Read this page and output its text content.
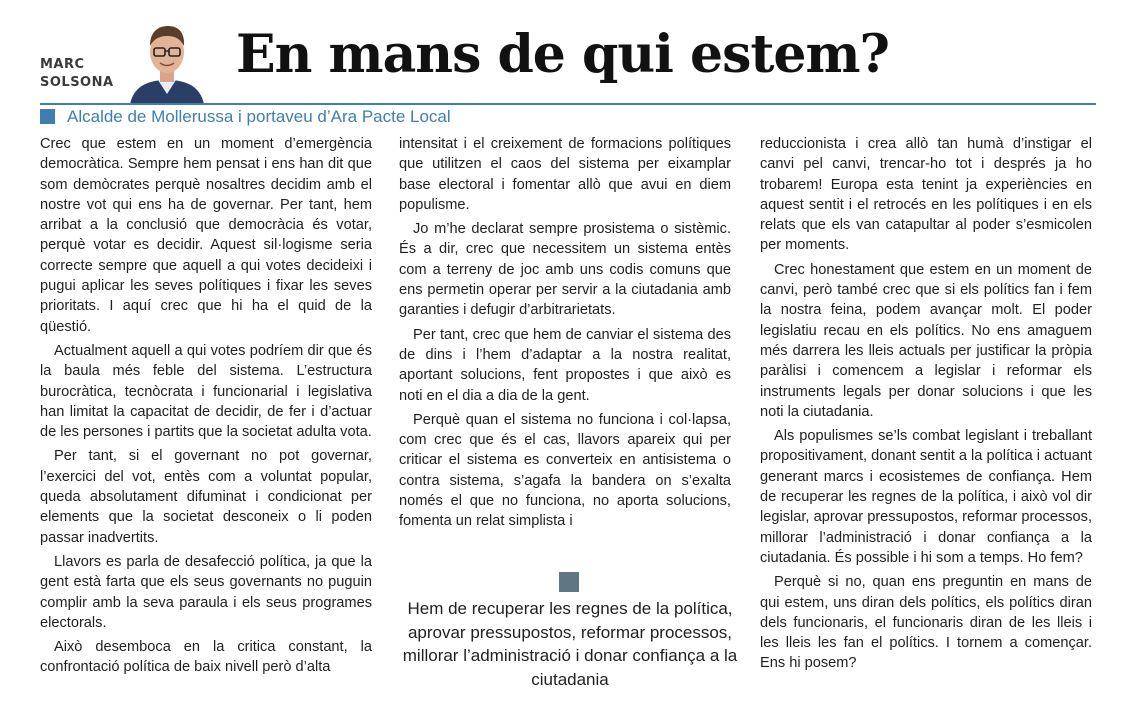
MARC
SOLSONA En mans de qui estem?
Alcalde de Mollerussa i portaveu d’Ara Pacte Local

Crec que estem en un moment d’emergència democràtica. Sempre hem pensat i ens han dit que som demòcrates perquè nosaltres decidim amb el nostre vot qui ens ha de governar. Per tant, hem arribat a la conclusió que democràcia és votar, perquè votar es decidir. Aquest sil·logisme seria correcte sempre que aquell a qui votes decideixi i pugui aplicar les seves polítiques i fixar les seves prioritats. I aquí crec que hi ha el quid de la qüestió.

Actualment aquell a qui votes podríem dir que és la baula més feble del sistema. L’estructura burocràtica, tecnòcrata i funcionarial i legislativa han limitat la capacitat de decidir, de fer i d’actuar de les persones i partits que la societat adulta vota.

Per tant, si el governant no pot governar, l’exercici del vot, entès com a voluntat popular, queda absolutament difuminat i condicionat per elements que la societat desconeix o li poden passar inadvertits.

Llavors es parla de desafecció política, ja que la gent està farta que els seus governants no puguin complir amb la seva paraula i els seus programes electorals.

Això desemboca en la critica constant, la confrontació política de baix nivell però d’alta

intensitat i el creixement de formacions polítiques que utilitzen el caos del sistema per eixamplar base electoral i fomentar allò que avui en diem populisme.

Jo m’he declarat sempre prosistema o sistèmic. És a dir, crec que necessitem un sistema entès com a terreny de joc amb uns codis comuns que ens permetin operar per servir a la ciutadania amb garanties i defugir d’arbitrarietats.

Per tant, crec que hem de canviar el sistema des de dins i l’hem d’adaptar a la nostra realitat, aportant solucions, fent propostes i que això es noti en el dia a dia de la gent.

Perquè quan el sistema no funciona i col·lapsa, com crec que és el cas, llavors apareix qui per criticar el sistema es converteix en antisistema o contra sistema, s’agafa la bandera on s’exalta només el que no funciona, no aporta solucions, fomenta un relat simplista i

Hem de recuperar les regnes de la política, aprovar pressupostos, reformar processos, millorar l’administració i donar confiança a la ciutadania

reduccionista i crea allò tan humà d’instigar el canvi pel canvi, trencar-ho tot i després ja ho trobarem! Europa esta tenint ja experiències en aquest sentit i el retrocés en les polítiques i en els relats que els van catapultar al poder s’esmicolen per moments.

Crec honestament que estem en un moment de canvi, però també crec que si els polítics fan i fem la nostra feina, podem avançar molt. El poder legislatiu recau en els polítics. No ens amaguem més darrera les lleis actuals per justificar la pròpia paràlisi i comencem a legislar i reformar els instruments legals per donar solucions i que les noti la ciutadania.

Als populismes se’ls combat legislant i treballant propositivament, donant sentit a la política i actuant generant marcs i ecosistemes de confiança. Hem de recuperar les regnes de la política, i això vol dir legislar, aprovar pressupostos, reformar processos, millorar l’administració i donar confiança a la ciutadania. És possible i hi som a temps. Ho fem?

Perquè si no, quan ens preguntin en mans de qui estem, uns diran dels polítics, els polítics diran dels funcionaris, el funcionaris diran de les lleis i les lleis les fan el polítics. I tornem a començar. Ens hi posem?
